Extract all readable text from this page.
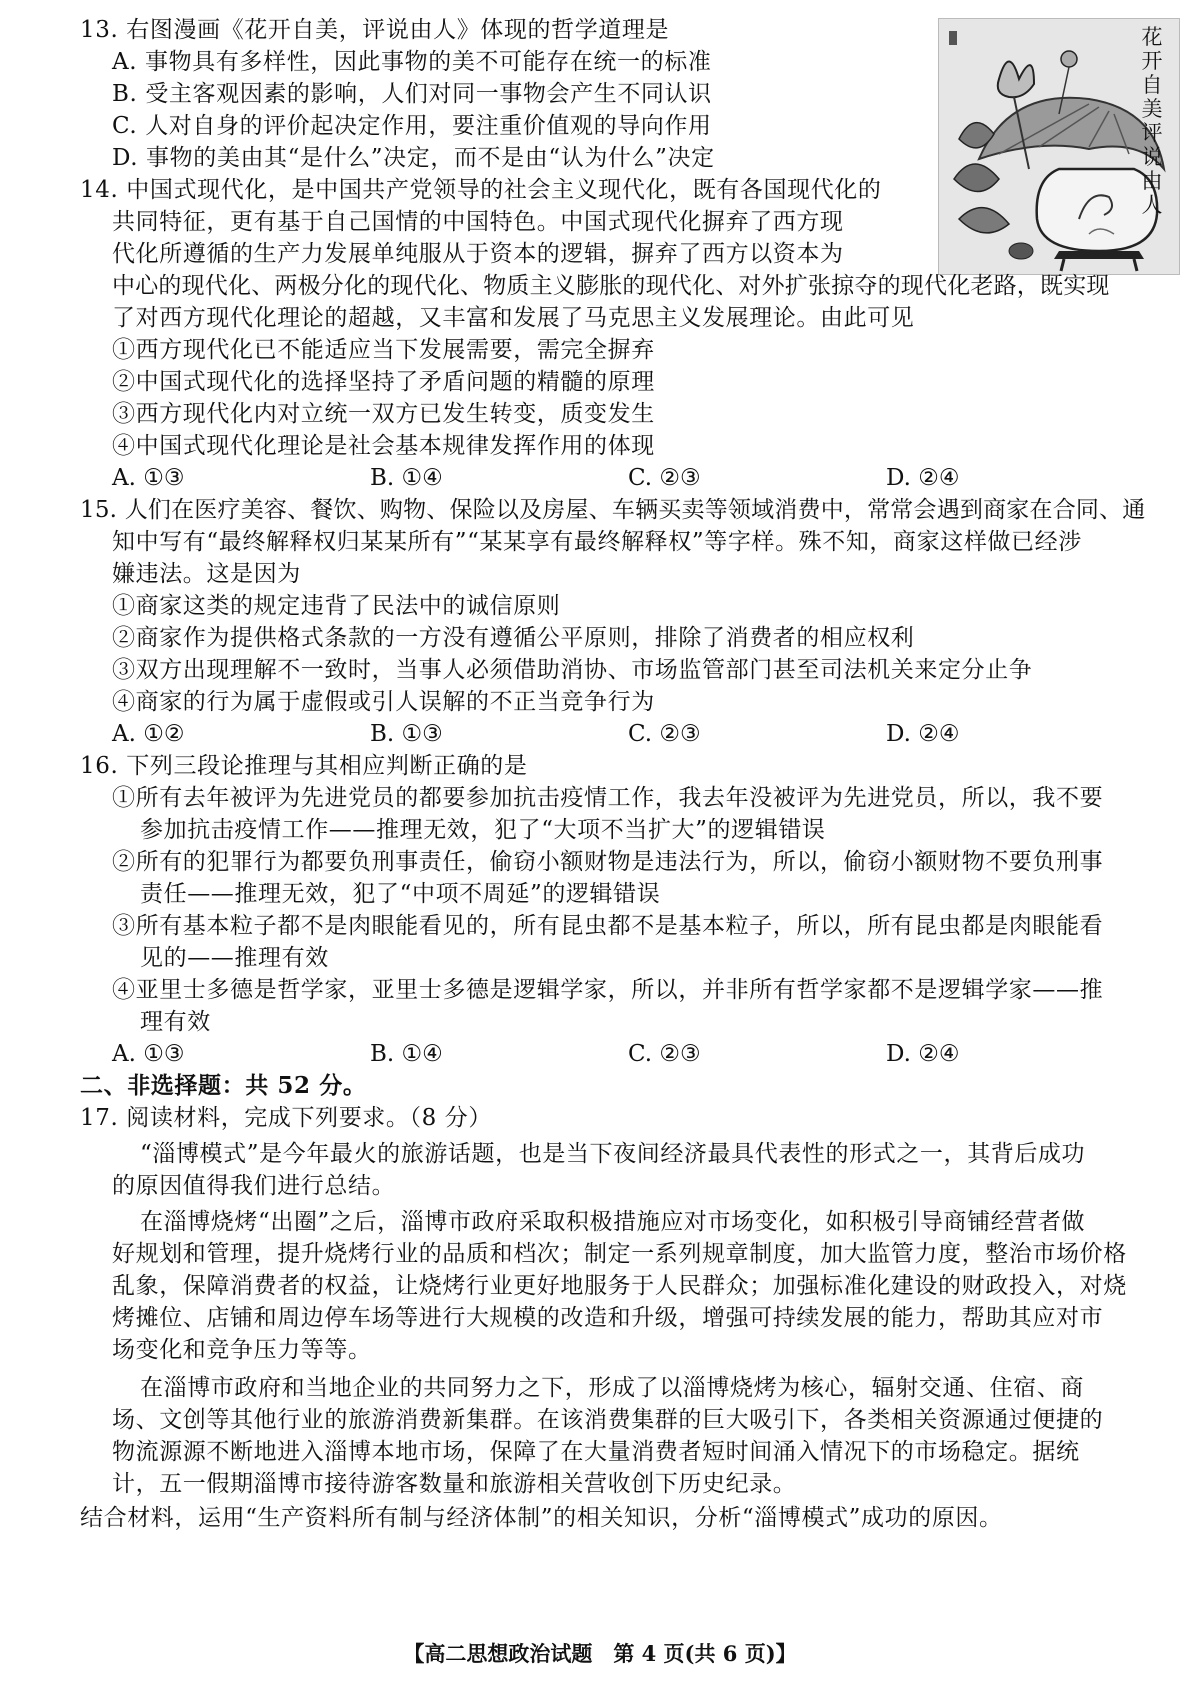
花开自美评说由人
13. 右图漫画《花开自美，评说由人》体现的哲学道理是
A. 事物具有多样性，因此事物的美不可能存在统一的标准
B. 受主客观因素的影响，人们对同一事物会产生不同认识
C. 人对自身的评价起决定作用，要注重价值观的导向作用
D. 事物的美由其“是什么”决定，而不是由“认为什么”决定
14. 中国式现代化，是中国共产党领导的社会主义现代化，既有各国现代化的
共同特征，更有基于自己国情的中国特色。中国式现代化摒弃了西方现
代化所遵循的生产力发展单纯服从于资本的逻辑，摒弃了西方以资本为
中心的现代化、两极分化的现代化、物质主义膨胀的现代化、对外扩张掠夺的现代化老路，既实现
了对西方现代化理论的超越，又丰富和发展了马克思主义发展理论。由此可见
①西方现代化已不能适应当下发展需要，需完全摒弃
②中国式现代化的选择坚持了矛盾问题的精髓的原理
③西方现代化内对立统一双方已发生转变，质变发生
④中国式现代化理论是社会基本规律发挥作用的体现
A. ①③	B. ①④	C. ②③	D. ②④
15. 人们在医疗美容、餐饮、购物、保险以及房屋、车辆买卖等领域消费中，常常会遇到商家在合同、通
知中写有“最终解释权归某某所有”“某某享有最终解释权”等字样。殊不知，商家这样做已经涉
嫌违法。这是因为
①商家这类的规定违背了民法中的诚信原则
②商家作为提供格式条款的一方没有遵循公平原则，排除了消费者的相应权利
③双方出现理解不一致时，当事人必须借助消协、市场监管部门甚至司法机关来定分止争
④商家的行为属于虚假或引人误解的不正当竞争行为
A. ①②	B. ①③	C. ②③	D. ②④
16. 下列三段论推理与其相应判断正确的是
①所有去年被评为先进党员的都要参加抗击疫情工作，我去年没被评为先进党员，所以，我不要
参加抗击疫情工作——推理无效，犯了“大项不当扩大”的逻辑错误
②所有的犯罪行为都要负刑事责任，偷窃小额财物是违法行为，所以，偷窃小额财物不要负刑事
责任——推理无效，犯了“中项不周延”的逻辑错误
③所有基本粒子都不是肉眼能看见的，所有昆虫都不是基本粒子，所以，所有昆虫都是肉眼能看
见的——推理有效
④亚里士多德是哲学家，亚里士多德是逻辑学家，所以，并非所有哲学家都不是逻辑学家——推
理有效
A. ①③	B. ①④	C. ②③	D. ②④
二、非选择题：共 52 分。
17. 阅读材料，完成下列要求。（8 分）
“淄博模式”是今年最火的旅游话题，也是当下夜间经济最具代表性的形式之一，其背后成功
的原因值得我们进行总结。
在淄博烧烤“出圈”之后，淄博市政府采取积极措施应对市场变化，如积极引导商铺经营者做
好规划和管理，提升烧烤行业的品质和档次；制定一系列规章制度，加大监管力度，整治市场价格
乱象，保障消费者的权益，让烧烤行业更好地服务于人民群众；加强标准化建设的财政投入，对烧
烤摊位、店铺和周边停车场等进行大规模的改造和升级，增强可持续发展的能力，帮助其应对市
场变化和竞争压力等等。
在淄博市政府和当地企业的共同努力之下，形成了以淄博烧烤为核心，辐射交通、住宿、商
场、文创等其他行业的旅游消费新集群。在该消费集群的巨大吸引下，各类相关资源通过便捷的
物流源源不断地进入淄博本地市场，保障了在大量消费者短时间涌入情况下的市场稳定。据统
计，五一假期淄博市接待游客数量和旅游相关营收创下历史纪录。
结合材料，运用“生产资料所有制与经济体制”的相关知识，分析“淄博模式”成功的原因。
【高二思想政治试题　第 4 页(共 6 页)】
